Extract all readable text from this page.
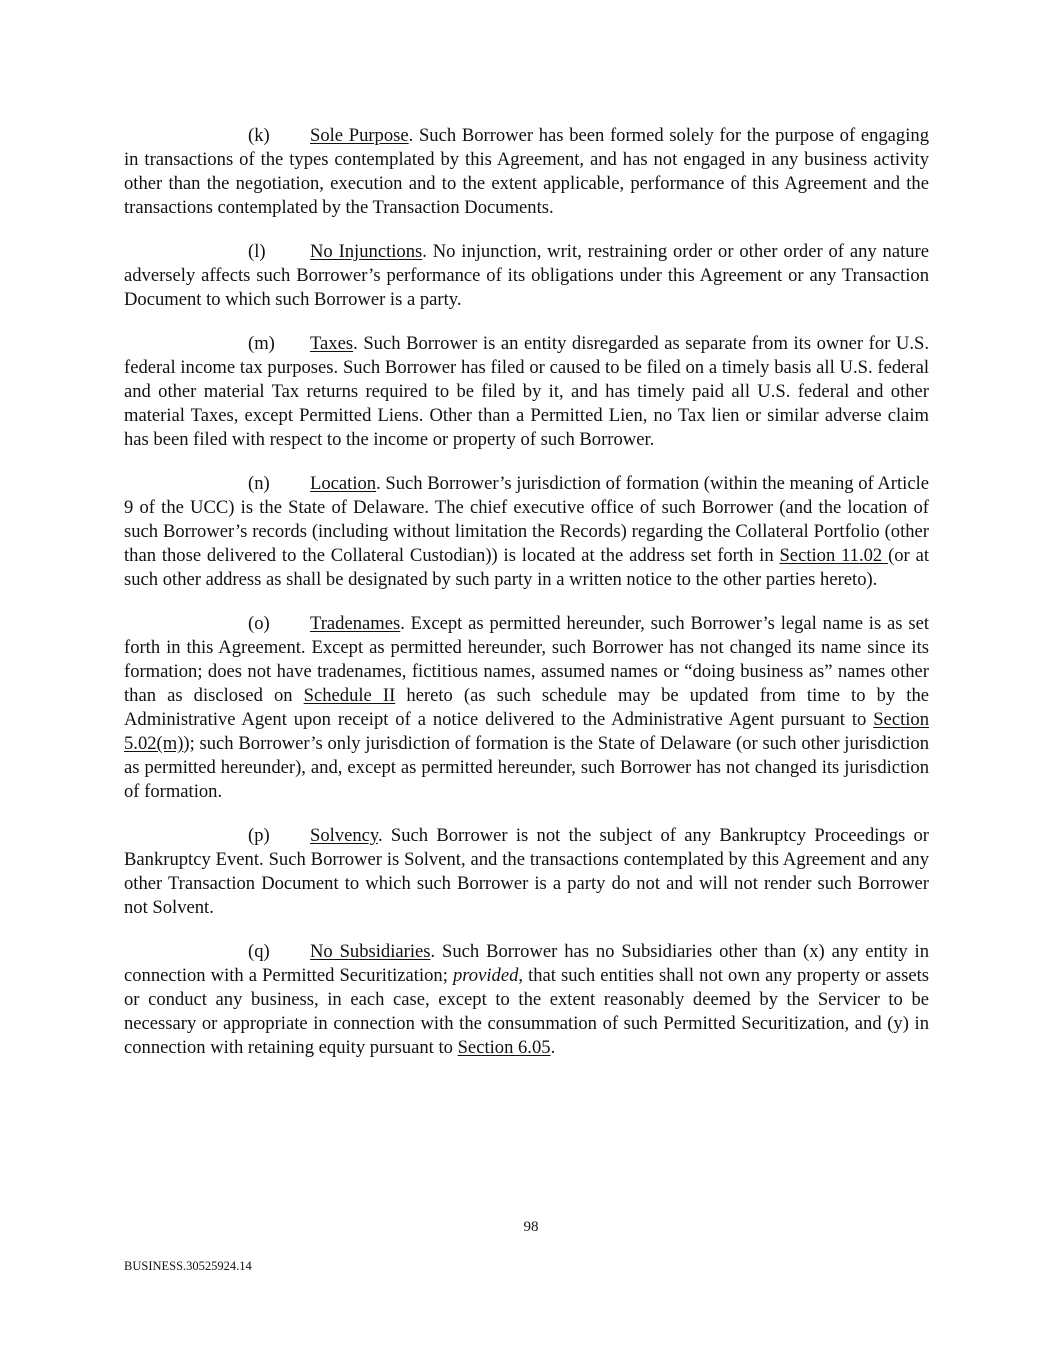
(k) Sole Purpose. Such Borrower has been formed solely for the purpose of engaging in transactions of the types contemplated by this Agreement, and has not engaged in any business activity other than the negotiation, execution and to the extent applicable, performance of this Agreement and the transactions contemplated by the Transaction Documents.

(l) No Injunctions. No injunction, writ, restraining order or other order of any nature adversely affects such Borrower’s performance of its obligations under this Agreement or any Transaction Document to which such Borrower is a party.

(m) Taxes. Such Borrower is an entity disregarded as separate from its owner for U.S. federal income tax purposes. Such Borrower has filed or caused to be filed on a timely basis all U.S. federal and other material Tax returns required to be filed by it, and has timely paid all U.S. federal and other material Taxes, except Permitted Liens. Other than a Permitted Lien, no Tax lien or similar adverse claim has been filed with respect to the income or property of such Borrower.

(n) Location. Such Borrower’s jurisdiction of formation (within the meaning of Article 9 of the UCC) is the State of Delaware. The chief executive office of such Borrower (and the location of such Borrower’s records (including without limitation the Records) regarding the Collateral Portfolio (other than those delivered to the Collateral Custodian)) is located at the address set forth in Section 11.02 (or at such other address as shall be designated by such party in a written notice to the other parties hereto).

(o) Tradenames. Except as permitted hereunder, such Borrower’s legal name is as set forth in this Agreement. Except as permitted hereunder, such Borrower has not changed its name since its formation; does not have tradenames, fictitious names, assumed names or “doing business as” names other than as disclosed on Schedule II hereto (as such schedule may be updated from time to by the Administrative Agent upon receipt of a notice delivered to the Administrative Agent pursuant to Section 5.02(m)); such Borrower’s only jurisdiction of formation is the State of Delaware (or such other jurisdiction as permitted hereunder), and, except as permitted hereunder, such Borrower has not changed its jurisdiction of formation.

(p) Solvency. Such Borrower is not the subject of any Bankruptcy Proceedings or Bankruptcy Event. Such Borrower is Solvent, and the transactions contemplated by this Agreement and any other Transaction Document to which such Borrower is a party do not and will not render such Borrower not Solvent.

(q) No Subsidiaries. Such Borrower has no Subsidiaries other than (x) any entity in connection with a Permitted Securitization; provided, that such entities shall not own any property or assets or conduct any business, in each case, except to the extent reasonably deemed by the Servicer to be necessary or appropriate in connection with the consummation of such Permitted Securitization, and (y) in connection with retaining equity pursuant to Section 6.05.

98
BUSINESS.30525924.14
